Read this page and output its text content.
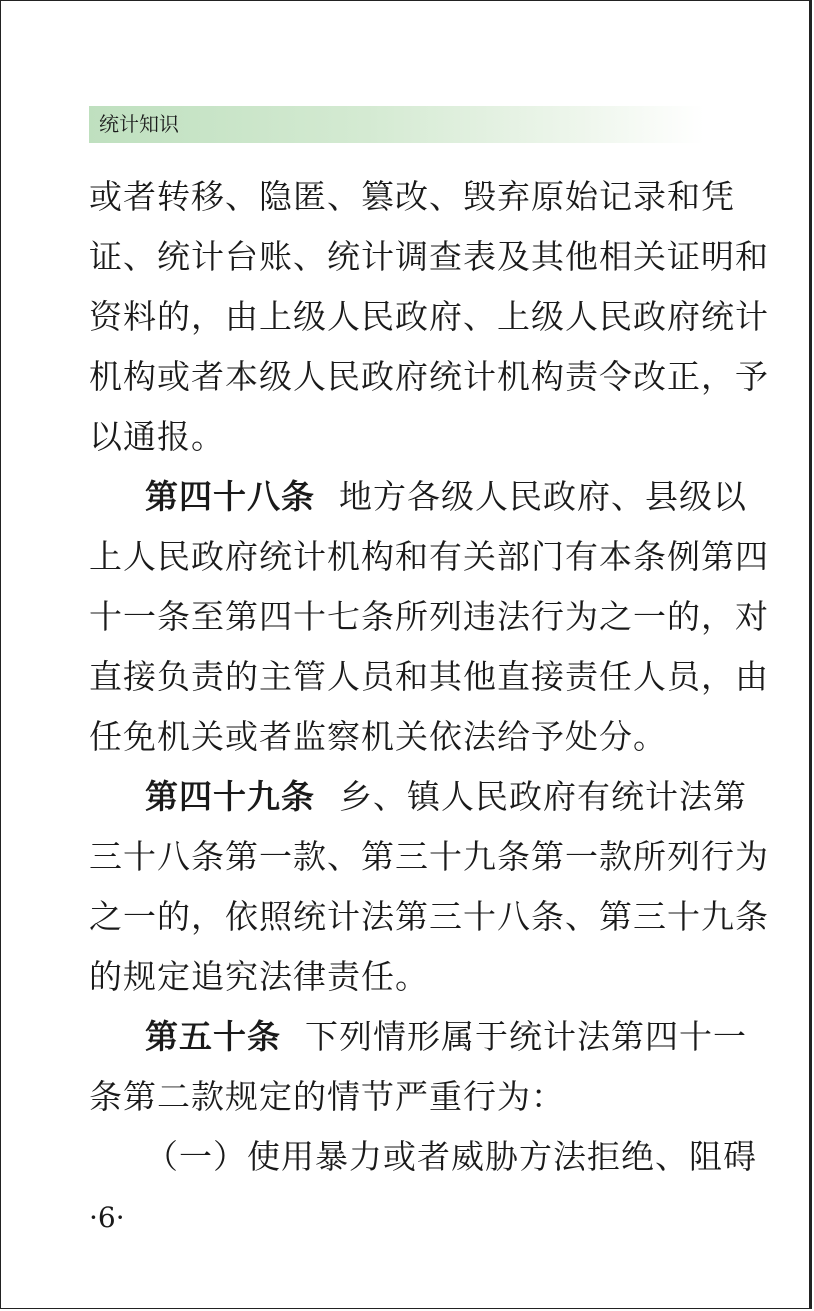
统计知识
或者转移、隐匿、篡改、毁弃原始记录和凭
证、统计台账、统计调查表及其他相关证明和
资料的，由上级人民政府、上级人民政府统计
机构或者本级人民政府统计机构责令改正，予
以通报。
第四十八条 地方各级人民政府、县级以
上人民政府统计机构和有关部门有本条例第四
十一条至第四十七条所列违法行为之一的，对
直接负责的主管人员和其他直接责任人员，由
任免机关或者监察机关依法给予处分。
第四十九条 乡、镇人民政府有统计法第
三十八条第一款、第三十九条第一款所列行为
之一的，依照统计法第三十八条、第三十九条
的规定追究法律责任。
第五十条 下列情形属于统计法第四十一
条第二款规定的情节严重行为：
（一）使用暴力或者威胁方法拒绝、阻碍
·6·
